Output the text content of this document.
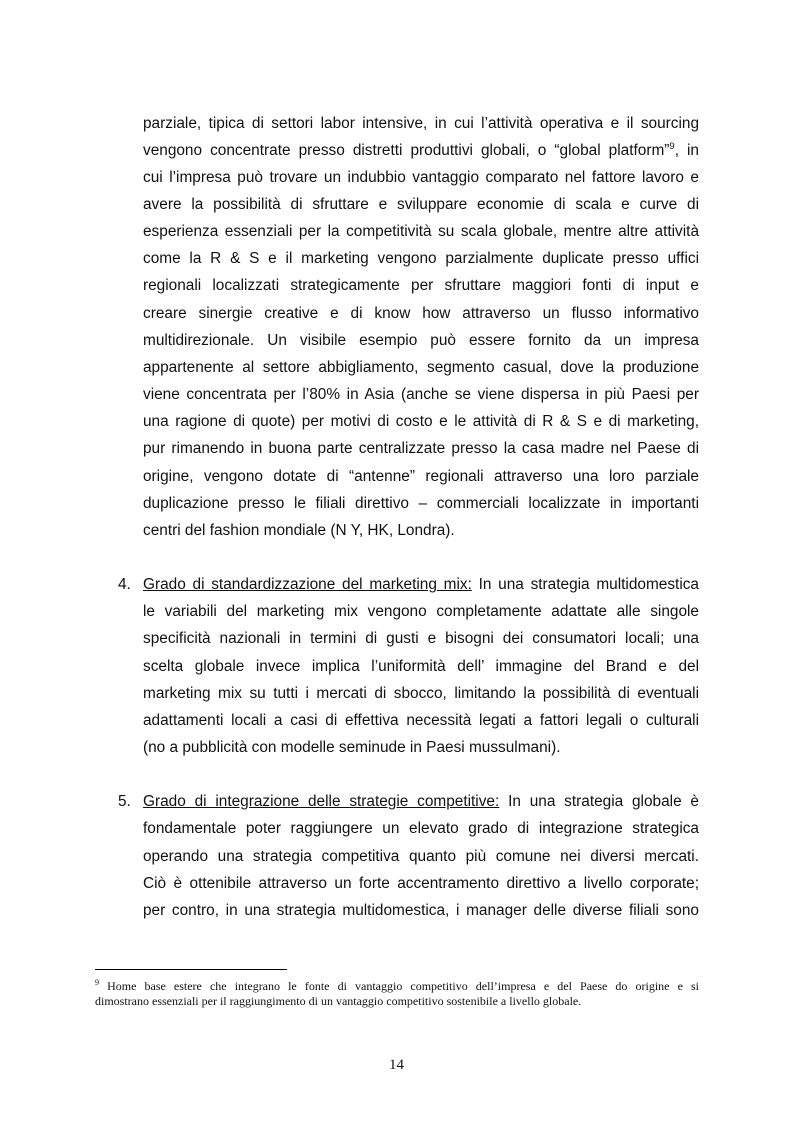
parziale, tipica di settori labor intensive, in cui l’attività operativa e il sourcing
vengono concentrate presso distretti produttivi globali, o “global platform”$^9$, in
cui l’impresa può trovare un indubbio vantaggio comparato nel fattore lavoro e
avere la possibilità di sfruttare e sviluppare economie di scala e curve di
esperienza essenziali per la competitività su scala globale, mentre altre attività
come la R & S e il marketing vengono parzialmente duplicate presso uffici
regionali localizzati strategicamente per sfruttare maggiori fonti di input e
creare sinergie creative e di know how attraverso un flusso informativo
multidirezionale. Un visibile esempio può essere fornito da un impresa
appartenente al settore abbigliamento, segmento casual, dove la produzione
viene concentrata per l’80% in Asia (anche se viene dispersa in più Paesi per
una ragione di quote) per motivi di costo e le attività di R & S e di marketing,
pur rimanendo in buona parte centralizzate presso la casa madre nel Paese di
origine, vengono dotate di “antenne” regionali attraverso una loro parziale
duplicazione presso le filiali direttivo – commerciali localizzate in importanti
centri del fashion mondiale (N Y, HK, Londra).
4. Grado di standardizzazione del marketing mix: In una strategia multidomestica
le variabili del marketing mix vengono completamente adattate alle singole
specificità nazionali in termini di gusti e bisogni dei consumatori locali; una
scelta globale invece implica l’uniformità dell’ immagine del Brand e del
marketing mix su tutti i mercati di sbocco, limitando la possibilità di eventuali
adattamenti locali a casi di effettiva necessità legati a fattori legali o culturali
(no a pubblicità con modelle seminude in Paesi mussulmani).
5. Grado di integrazione delle strategie competitive: In una strategia globale è
fondamentale poter raggiungere un elevato grado di integrazione strategica
operando una strategia competitiva quanto più comune nei diversi mercati.
Ciò è ottenibile attraverso un forte accentramento direttivo a livello corporate;
per contro, in una strategia multidomestica, i manager delle diverse filiali sono
$^9$ Home base estere che integrano le fonte di vantaggio competitivo dell’impresa e del Paese do origine e si
dimostrano essenziali per il raggiungimento di un vantaggio competitivo sostenibile a livello globale.
14
